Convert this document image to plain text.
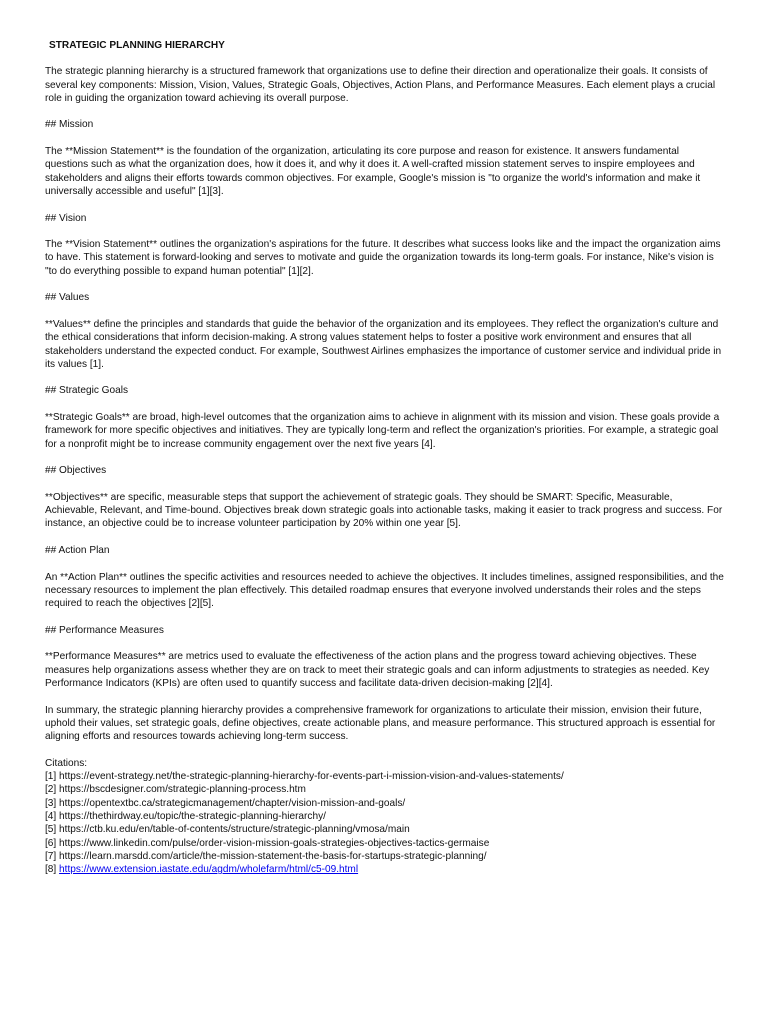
STRATEGIC PLANNING HIERARCHY

The strategic planning hierarchy is a structured framework that organizations use to define their direction and operationalize their goals. It consists of several key components: Mission, Vision, Values, Strategic Goals, Objectives, Action Plans, and Performance Measures. Each element plays a crucial role in guiding the organization toward achieving its overall purpose.

## Mission

The **Mission Statement** is the foundation of the organization, articulating its core purpose and reason for existence. It answers fundamental questions such as what the organization does, how it does it, and why it does it. A well-crafted mission statement serves to inspire employees and stakeholders and aligns their efforts towards common objectives. For example, Google's mission is "to organize the world's information and make it universally accessible and useful" [1][3].

## Vision

The **Vision Statement** outlines the organization's aspirations for the future. It describes what success looks like and the impact the organization aims to have. This statement is forward-looking and serves to motivate and guide the organization towards its long-term goals. For instance, Nike's vision is "to do everything possible to expand human potential" [1][2].

## Values

**Values** define the principles and standards that guide the behavior of the organization and its employees. They reflect the organization's culture and the ethical considerations that inform decision-making. A strong values statement helps to foster a positive work environment and ensures that all stakeholders understand the expected conduct. For example, Southwest Airlines emphasizes the importance of customer service and individual pride in its values [1].

## Strategic Goals

**Strategic Goals** are broad, high-level outcomes that the organization aims to achieve in alignment with its mission and vision. These goals provide a framework for more specific objectives and initiatives. They are typically long-term and reflect the organization's priorities. For example, a strategic goal for a nonprofit might be to increase community engagement over the next five years [4].

## Objectives

**Objectives** are specific, measurable steps that support the achievement of strategic goals. They should be SMART: Specific, Measurable, Achievable, Relevant, and Time-bound. Objectives break down strategic goals into actionable tasks, making it easier to track progress and success. For instance, an objective could be to increase volunteer participation by 20% within one year [5].

## Action Plan

An **Action Plan** outlines the specific activities and resources needed to achieve the objectives. It includes timelines, assigned responsibilities, and the necessary resources to implement the plan effectively. This detailed roadmap ensures that everyone involved understands their roles and the steps required to reach the objectives [2][5].

## Performance Measures

**Performance Measures** are metrics used to evaluate the effectiveness of the action plans and the progress toward achieving objectives. These measures help organizations assess whether they are on track to meet their strategic goals and can inform adjustments to strategies as needed. Key Performance Indicators (KPIs) are often used to quantify success and facilitate data-driven decision-making [2][4].

In summary, the strategic planning hierarchy provides a comprehensive framework for organizations to articulate their mission, envision their future, uphold their values, set strategic goals, define objectives, create actionable plans, and measure performance. This structured approach is essential for aligning efforts and resources towards achieving long-term success.

Citations:
[1] https://event-strategy.net/the-strategic-planning-hierarchy-for-events-part-i-mission-vision-and-values-statements/
[2] https://bscdesigner.com/strategic-planning-process.htm
[3] https://opentextbc.ca/strategicmanagement/chapter/vision-mission-and-goals/
[4] https://thethirdway.eu/topic/the-strategic-planning-hierarchy/
[5] https://ctb.ku.edu/en/table-of-contents/structure/strategic-planning/vmosa/main
[6] https://www.linkedin.com/pulse/order-vision-mission-goals-strategies-objectives-tactics-germaise
[7] https://learn.marsdd.com/article/the-mission-statement-the-basis-for-startups-strategic-planning/
[8] https://www.extension.iastate.edu/agdm/wholefarm/html/c5-09.html
